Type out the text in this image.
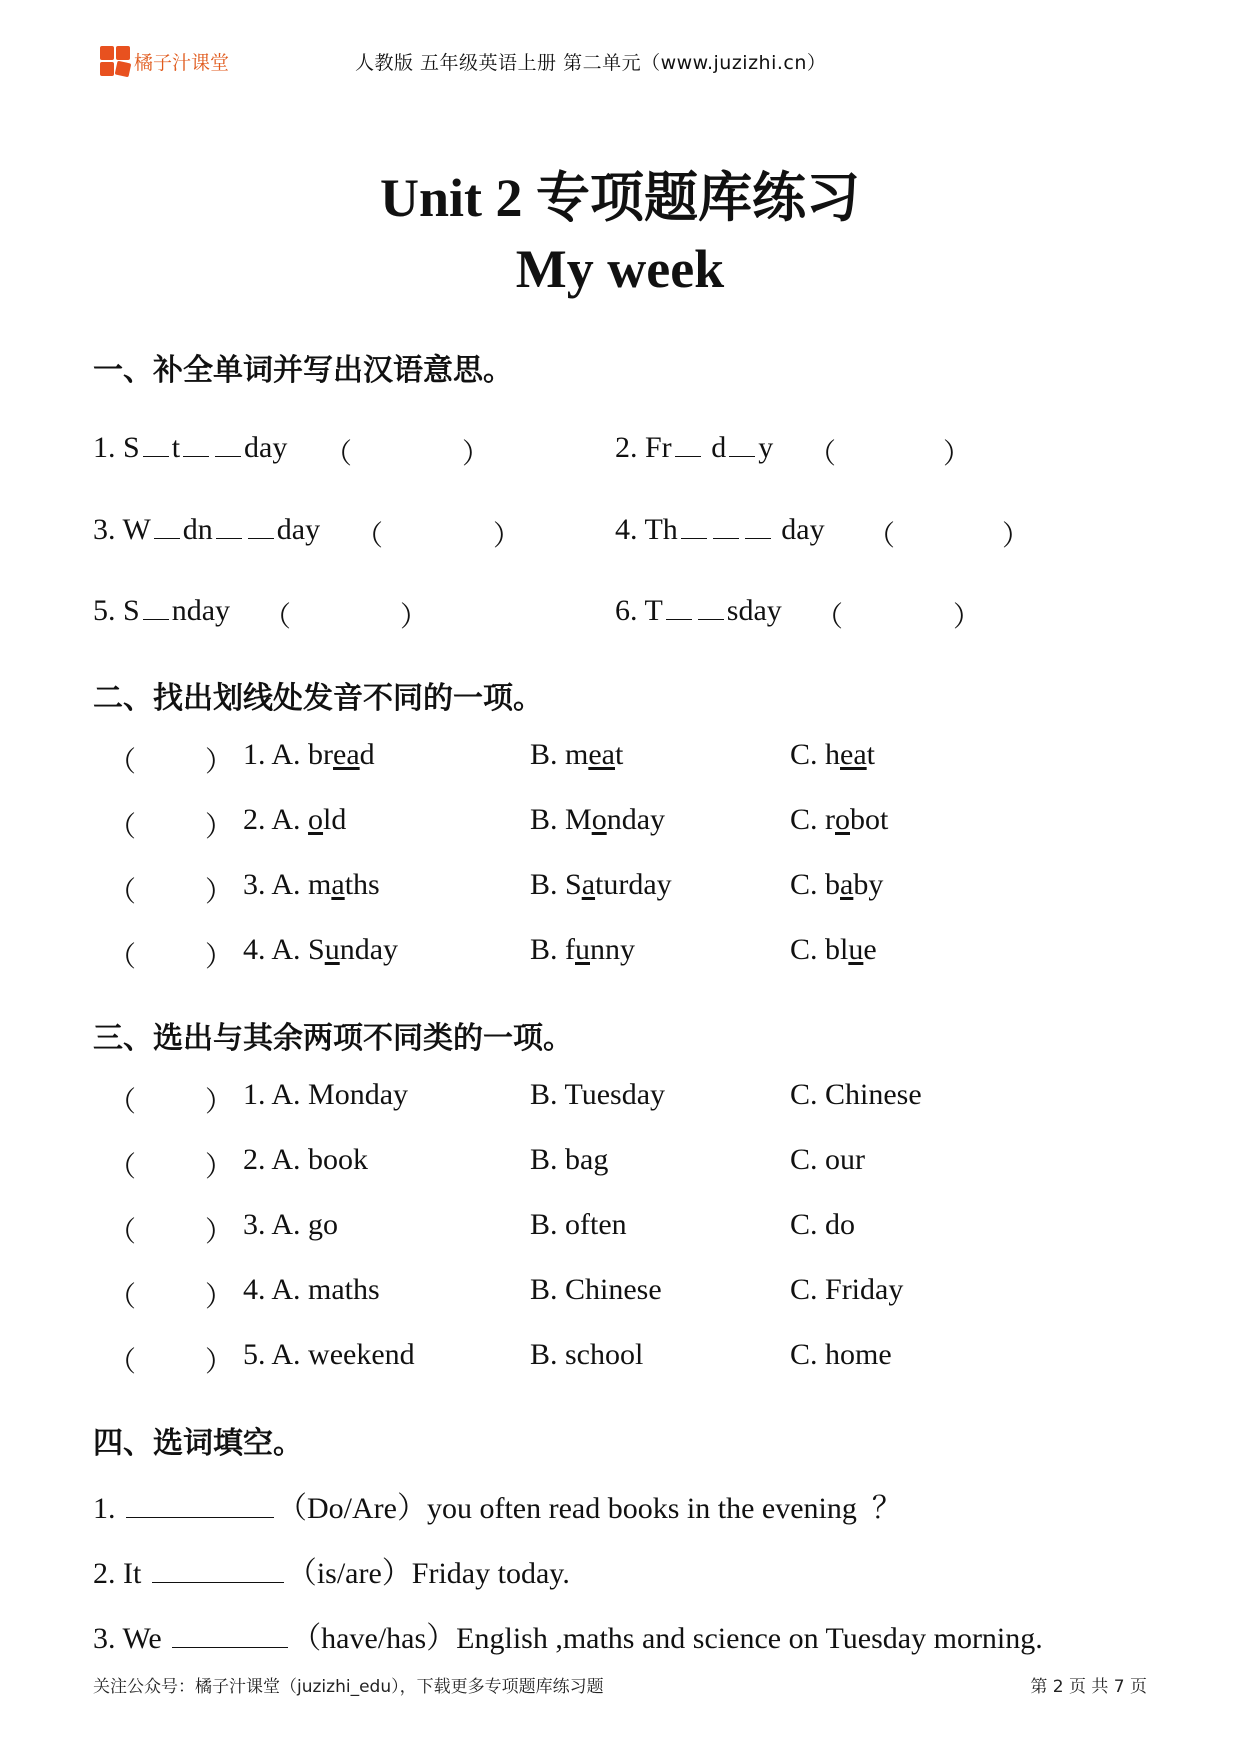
橘子汁课堂	人教版 五年级英语上册 第二单元（www.juzizhi.cn）
Unit 2 专项题库练习
My week
一、补全单词并写出汉语意思。
1. S t day （	）	2. Fr d y （	）
3. W dn day （	）	4. Th	day （	）
5. S nday （	）	6. T sday （	）
二、找出划线处发音不同的一项。
（ ） 1. A. bread	B. meat	C. heat
（ ） 2. A. old	B. Monday	C. robot
（ ） 3. A. maths	B. Saturday	C. baby
（ ） 4. A. Sunday	B. funny	C. blue
三、选出与其余两项不同类的一项。
（ ） 1. A. Monday	B. Tuesday	C. Chinese
（ ） 2. A. book	B. bag	C. our
（ ） 3. A. go	B. often	C. do
（ ） 4. A. maths	B. Chinese	C. Friday
（ ） 5. A. weekend	B. school	C. home
四、选词填空。
1.	（Do/Are）you often read books in the evening  ？
2. It	（is/are）Friday today.
3. We	（have/has）English ,maths and science on Tuesday morning.
关注公众号：橘子汁课堂（juzizhi_edu），下载更多专项题库练习题	第 2 页 共 7 页
